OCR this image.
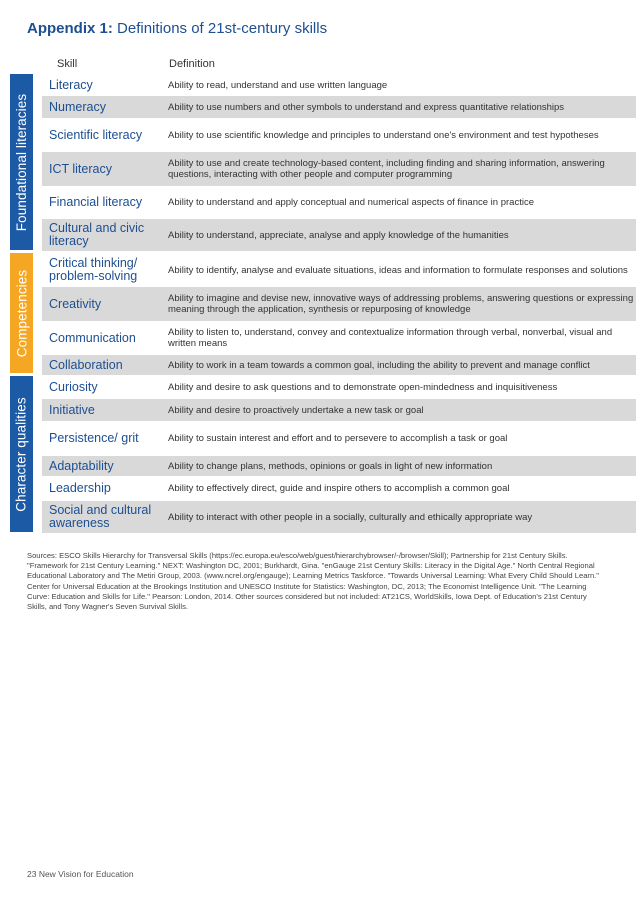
Appendix 1: Definitions of 21st-century skills
Skill	Definition
Foundational literacies
Competencies
Character qualities
Literacy	Ability to read, understand and use written language
Numeracy	Ability to use numbers and other symbols to understand and express quantitative relationships
Scientific literacy	Ability to use scientific knowledge and principles to understand one's environment and test hypotheses
ICT literacy	Ability to use and create technology-based content, including finding and sharing information, answering questions, interacting with other people and computer programming
Financial literacy	Ability to understand and apply conceptual and numerical aspects of finance in practice
Cultural and civic literacy	Ability to understand, appreciate, analyse and apply knowledge of the humanities
Critical thinking/ problem-solving	Ability to identify, analyse and evaluate situations, ideas and information to formulate responses and solutions
Creativity	Ability to imagine and devise new, innovative ways of addressing problems, answering questions or expressing meaning through the application, synthesis or repurposing of knowledge
Communication	Ability to listen to, understand, convey and contextualize information through verbal, nonverbal, visual and written means
Collaboration	Ability to work in a team towards a common goal, including the ability to prevent and manage conflict
Curiosity	Ability and desire to ask questions and to demonstrate open-mindedness and inquisitiveness
Initiative	Ability and desire to proactively undertake a new task or goal
Persistence/ grit	Ability to sustain interest and effort and to persevere to accomplish a task or goal
Adaptability	Ability to change plans, methods, opinions or goals in light of new information
Leadership	Ability to effectively direct, guide and inspire others to accomplish a common goal
Social and cultural awareness	Ability to interact with other people in a socially, culturally and ethically appropriate way
Sources: ESCO Skills Hierarchy for Transversal Skills (https://ec.europa.eu/esco/web/guest/hierarchybrowser/-/browser/Skill); Partnership for 21st Century Skills. "Framework for 21st Century Learning." NEXT: Washington DC, 2001; Burkhardt, Gina. "enGauge 21st Century Skills: Literacy in the Digital Age." North Central Regional Educational Laboratory and The Metiri Group, 2003. (www.ncrel.org/engauge); Learning Metrics Taskforce. "Towards Universal Learning: What Every Child Should Learn." Center for Universal Education at the Brookings Institution and UNESCO Institute for Statistics: Washington, DC, 2013; The Economist Intelligence Unit. "The Learning Curve: Education and Skills for Life." Pearson: London, 2014. Other sources considered but not included: AT21CS, WorldSkills, Iowa Dept. of Education's 21st Century Skills, and Tony Wagner's Seven Survival Skills.
23 New Vision for Education
